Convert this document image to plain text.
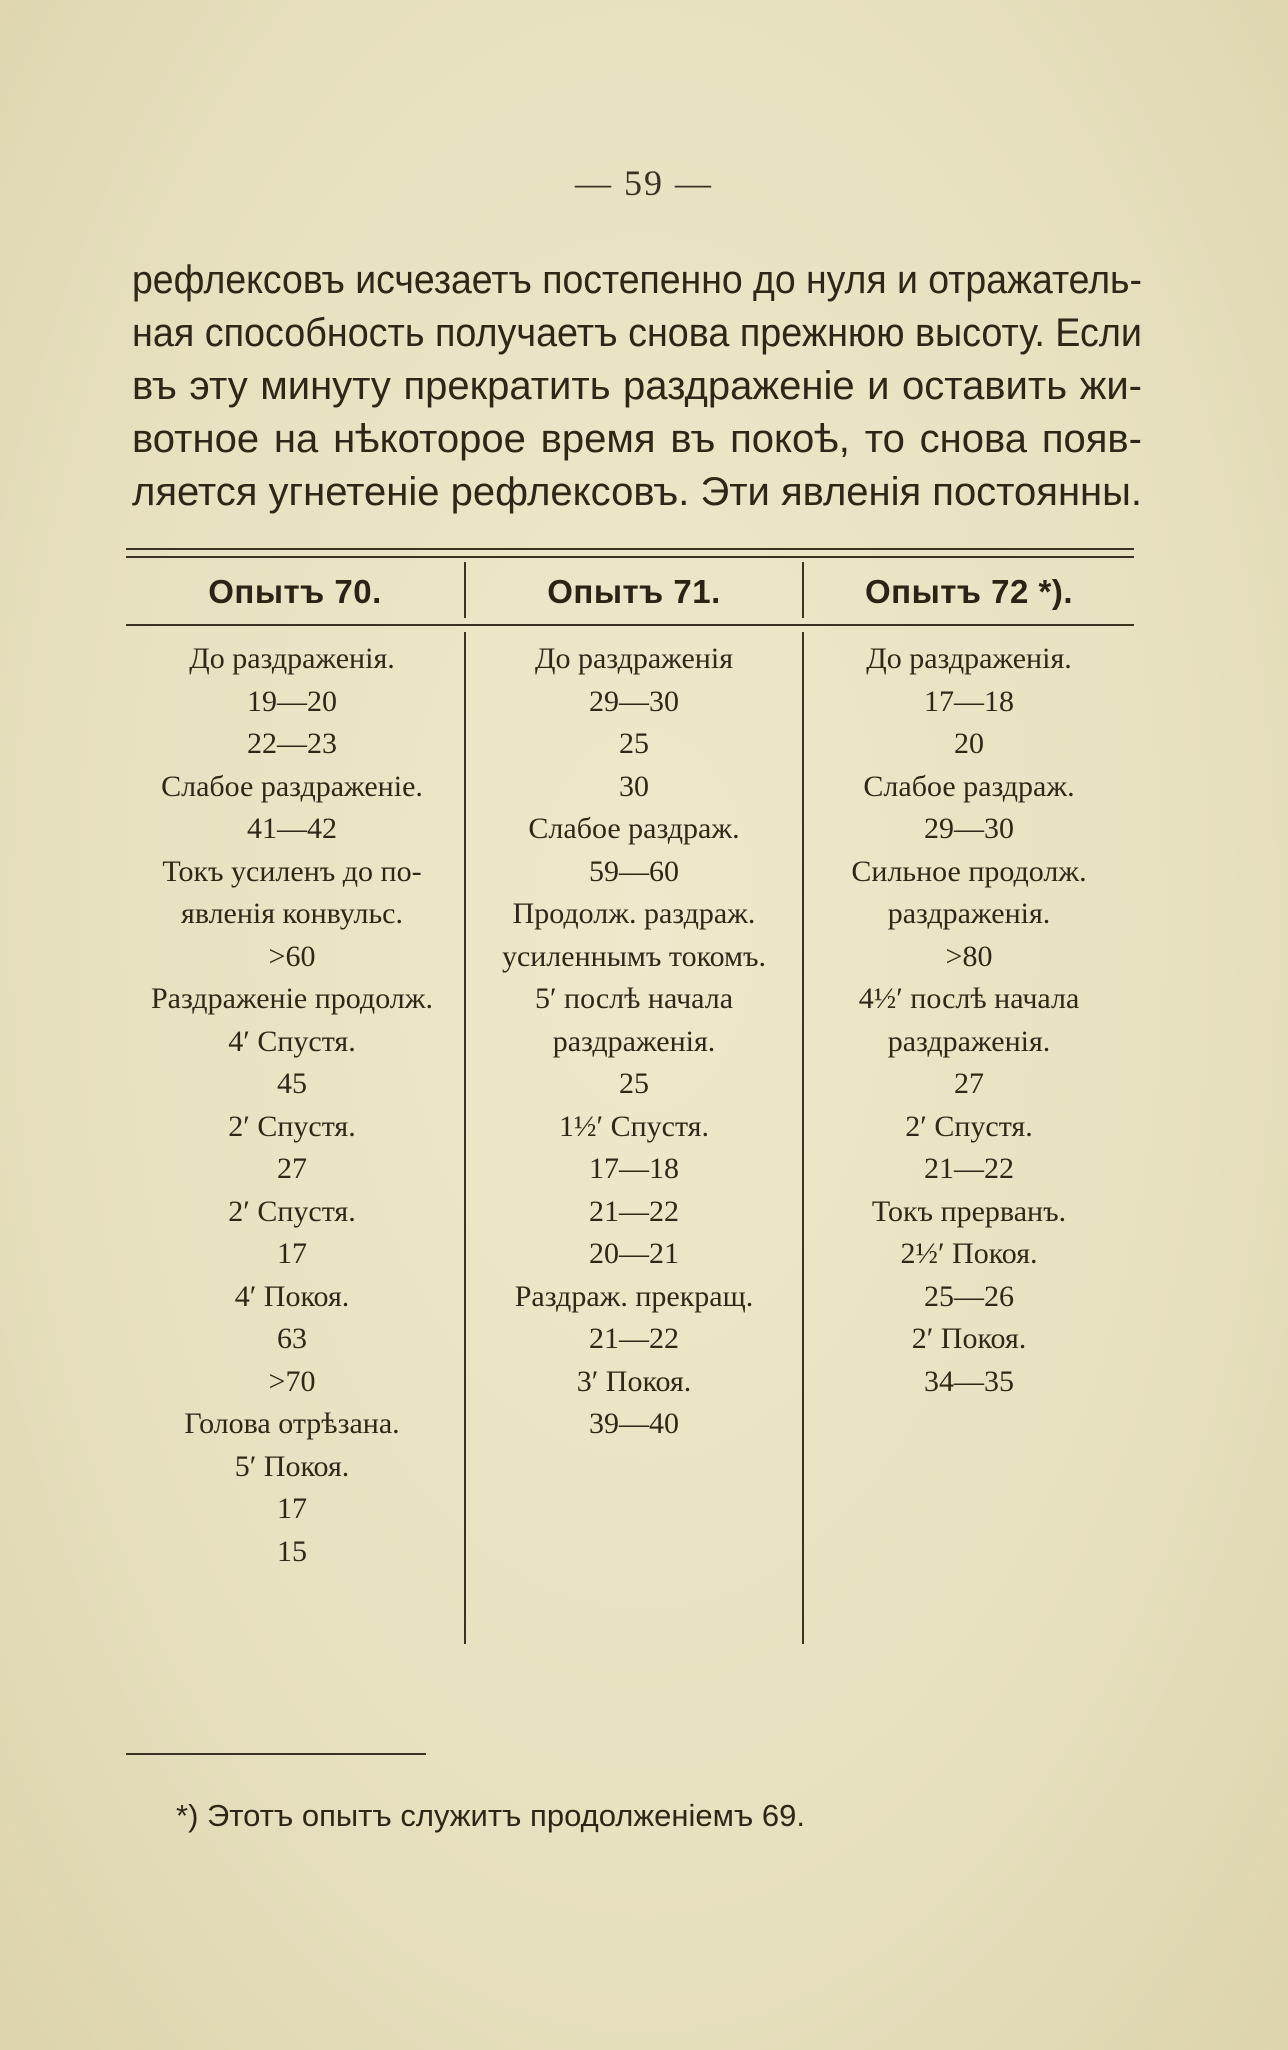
— 59 —
рефлексовъ исчезаетъ постепенно до нуля и отражатель-
ная способность получаетъ снова прежнюю высоту. Если
въ эту минуту прекратить раздраженіе и оставить жи-
вотное на нѣкоторое время въ покоѣ, то снова появ-
ляется угнетеніе рефлексовъ. Эти явленія постоянны.
Опытъ 70.	Опытъ 71.	Опытъ 72 *).
До раздраженія.
19—20
22—23
Слабое раздраженіе.
41—42
Токъ усиленъ до по-
явленія конвульс.
>60
Раздраженіе продолж.
4′ Спустя.
45
2′ Спустя.
27
2′ Спустя.
17
4′ Покоя.
63
>70
Голова отрѣзана.
5′ Покоя.
17
15
До раздраженія
29—30
25
30
Слабое раздраж.
59—60
Продолж. раздраж.
усиленнымъ токомъ.
5′ послѣ начала
раздраженія.
25
1½′ Спустя.
17—18
21—22
20—21
Раздраж. прекращ.
21—22
3′ Покоя.
39—40
До раздраженія.
17—18
20
Слабое раздраж.
29—30
Сильное продолж.
раздраженія.
>80
4½′ послѣ начала
раздраженія.
27
2′ Спустя.
21—22
Токъ прерванъ.
2½′ Покоя.
25—26
2′ Покоя.
34—35
*) Этотъ опытъ служитъ продолженіемъ 69.
